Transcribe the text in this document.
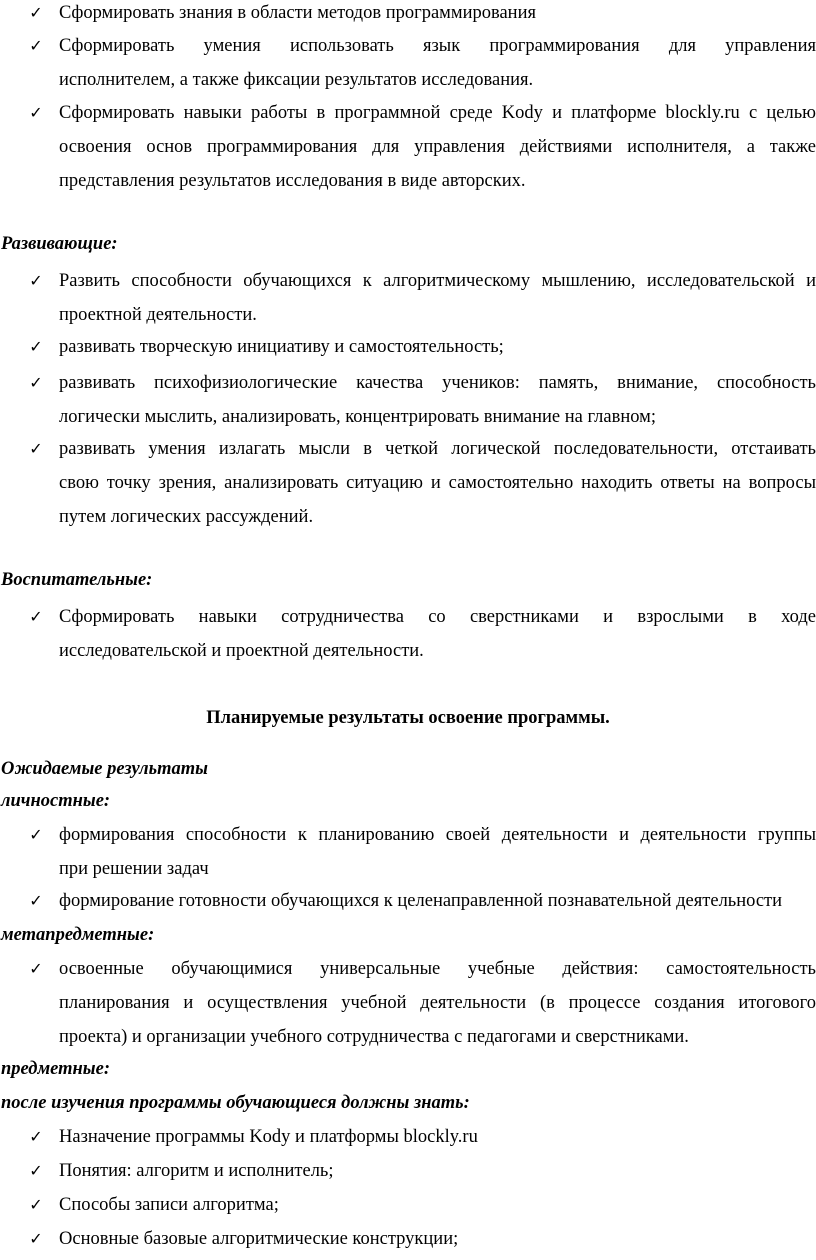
✓ Сформировать знания в области методов программирования
✓ Сформировать умения использовать язык программирования для управления
исполнителем, а также фиксации результатов исследования.
✓ Сформировать навыки работы в программной среде Kody и платформе blockly.ru с целью
освоения основ программирования для управления действиями исполнителя, а также
представления результатов исследования в виде авторских.
Развивающие:
✓ Развить способности обучающихся к алгоритмическому мышлению, исследовательской и
проектной деятельности.
✓ развивать творческую инициативу и самостоятельность;
✓ развивать психофизиологические качества учеников: память, внимание, способность
логически мыслить, анализировать, концентрировать внимание на главном;
✓ развивать умения излагать мысли в четкой логической последовательности, отстаивать
свою точку зрения, анализировать ситуацию и самостоятельно находить ответы на вопросы
путем логических рассуждений.
Воспитательные:
✓ Сформировать навыки сотрудничества со сверстниками и взрослыми в ходе
исследовательской и проектной деятельности.
Планируемые результаты освоение программы.
Ожидаемые результаты
личностные:
✓ формирования способности к планированию своей деятельности и деятельности группы
при решении задач
✓ формирование готовности обучающихся к целенаправленной познавательной деятельности
метапредметные:
✓ освоенные обучающимися универсальные учебные действия: самостоятельность
планирования и осуществления учебной деятельности (в процессе создания итогового
проекта) и организации учебного сотрудничества с педагогами и сверстниками.
предметные:
после изучения программы обучающиеся должны знать:
✓ Назначение программы Kody и платформы blockly.ru
✓ Понятия: алгоритм и исполнитель;
✓ Способы записи алгоритма;
✓ Основные базовые алгоритмические конструкции;
